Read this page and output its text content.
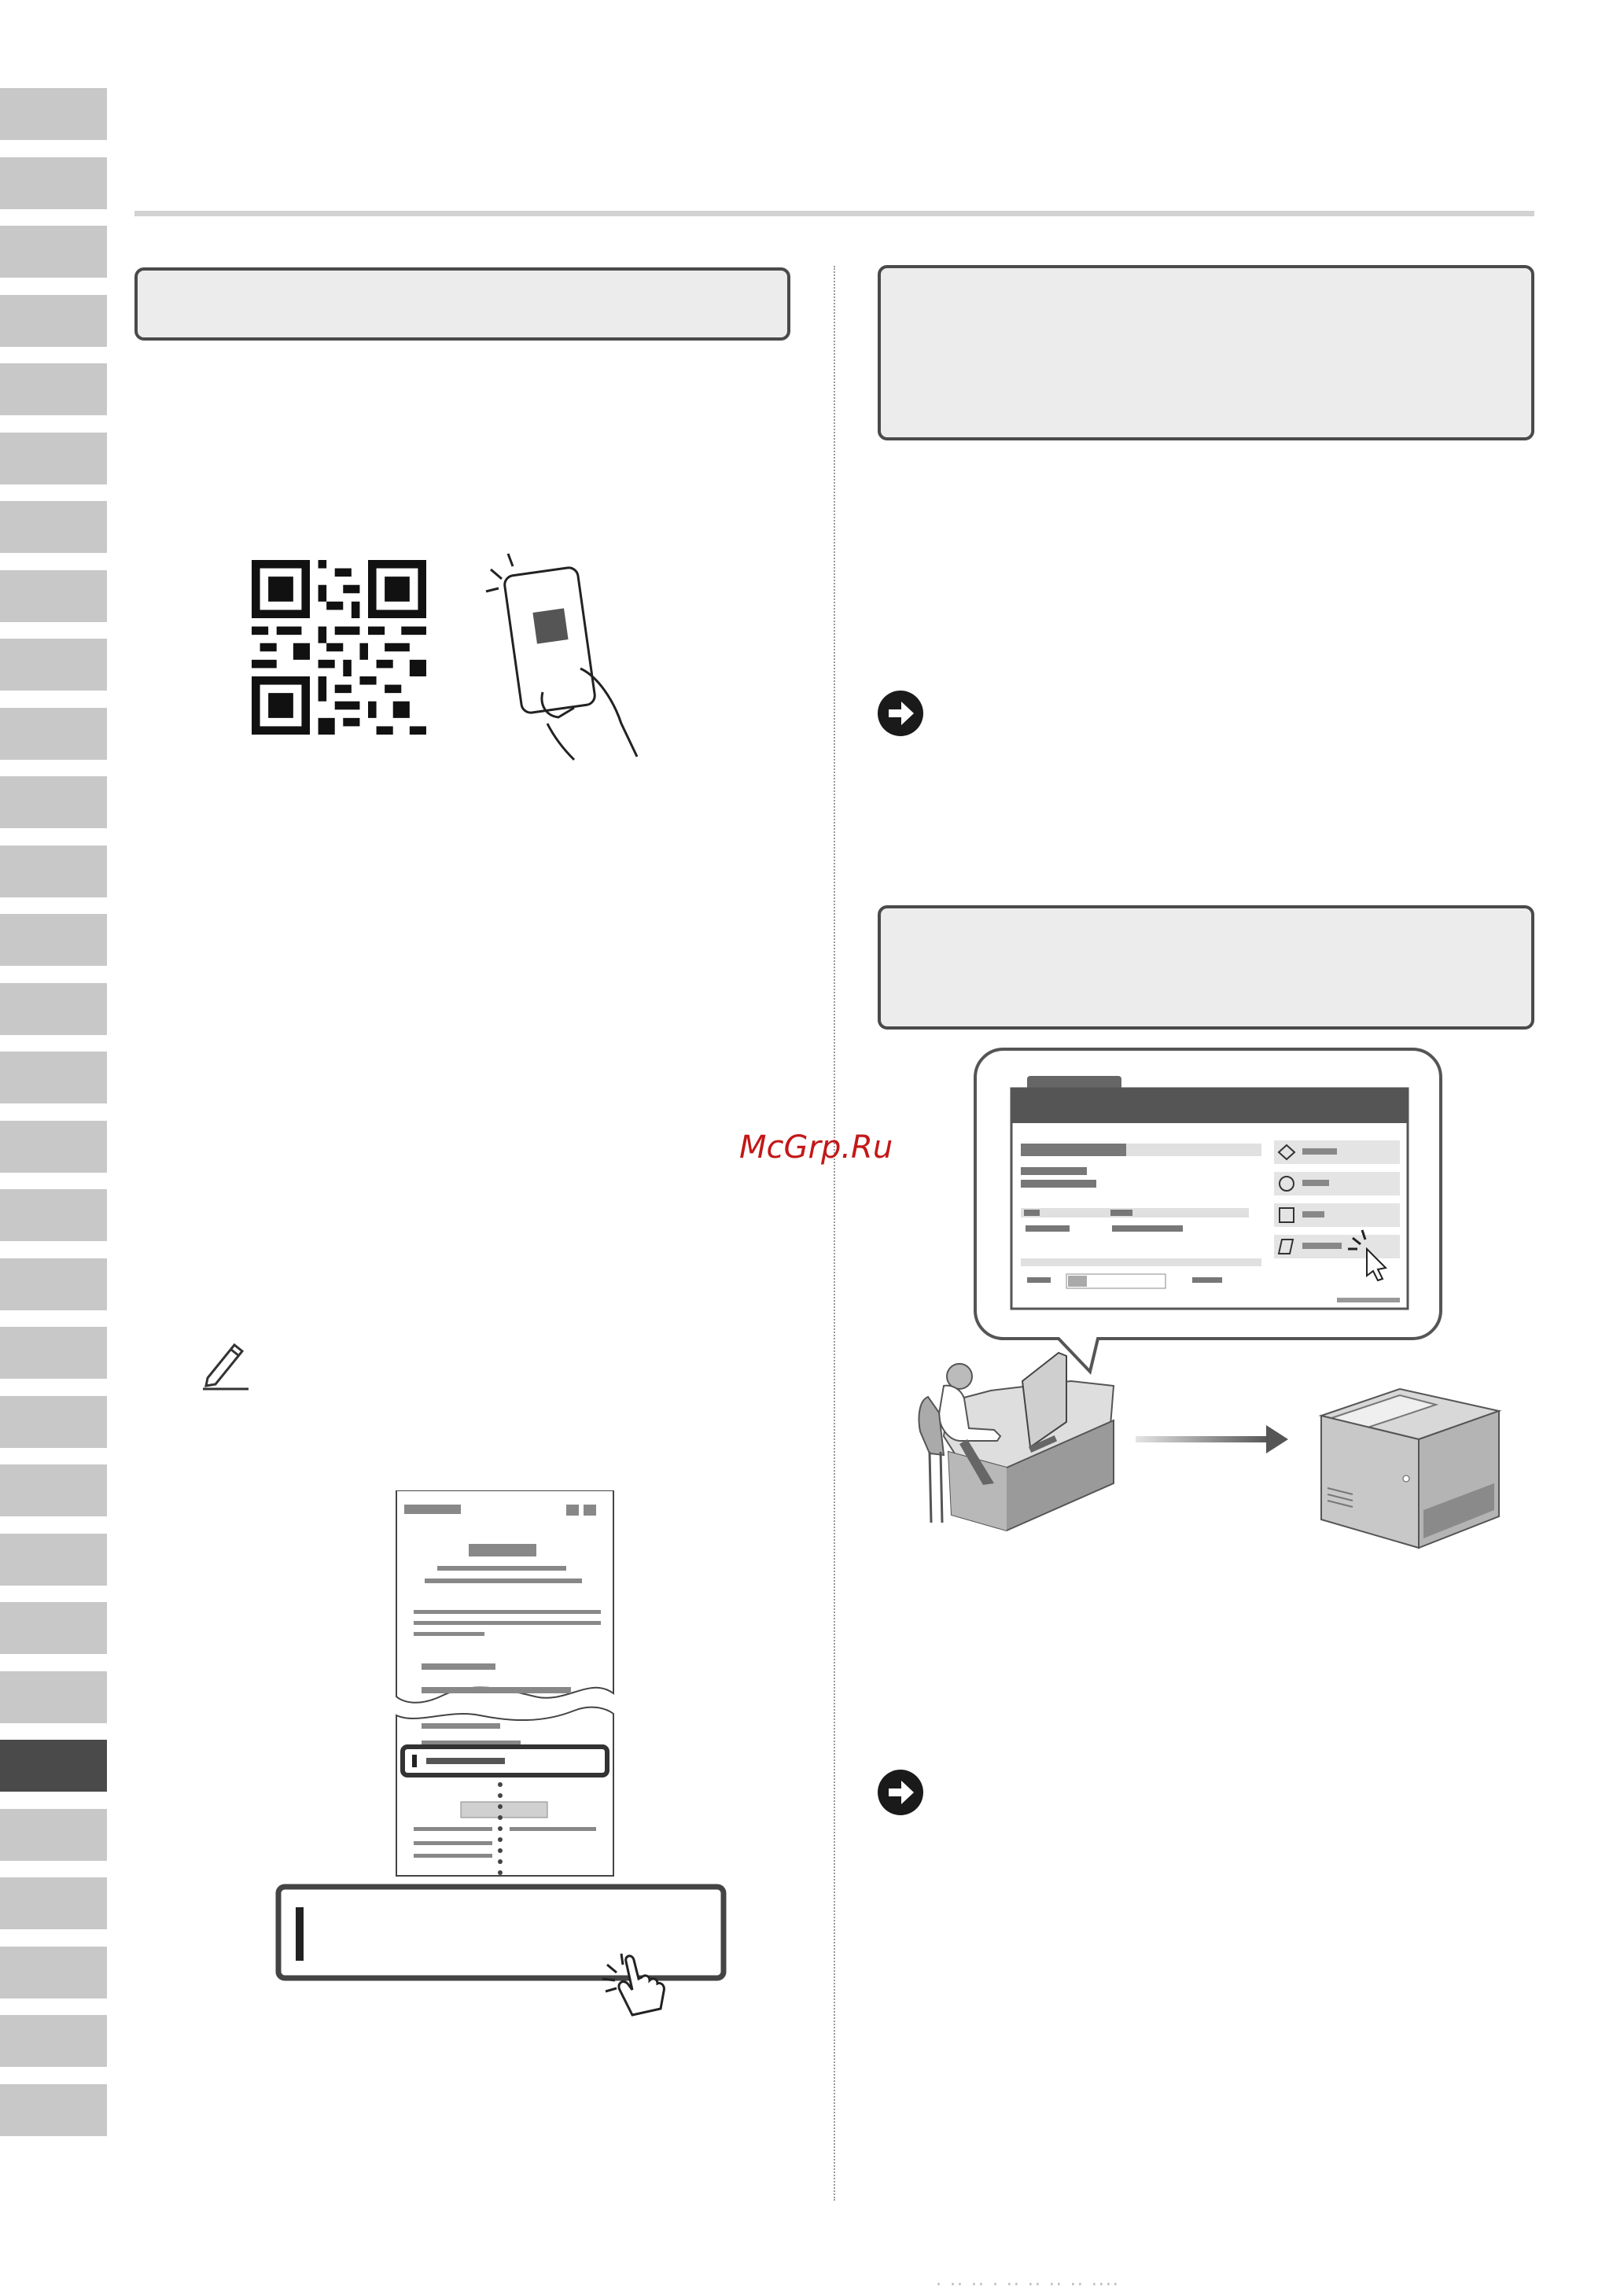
McGrp.Ru
· ·· ·· · ·· ·· ·· ·· ····
